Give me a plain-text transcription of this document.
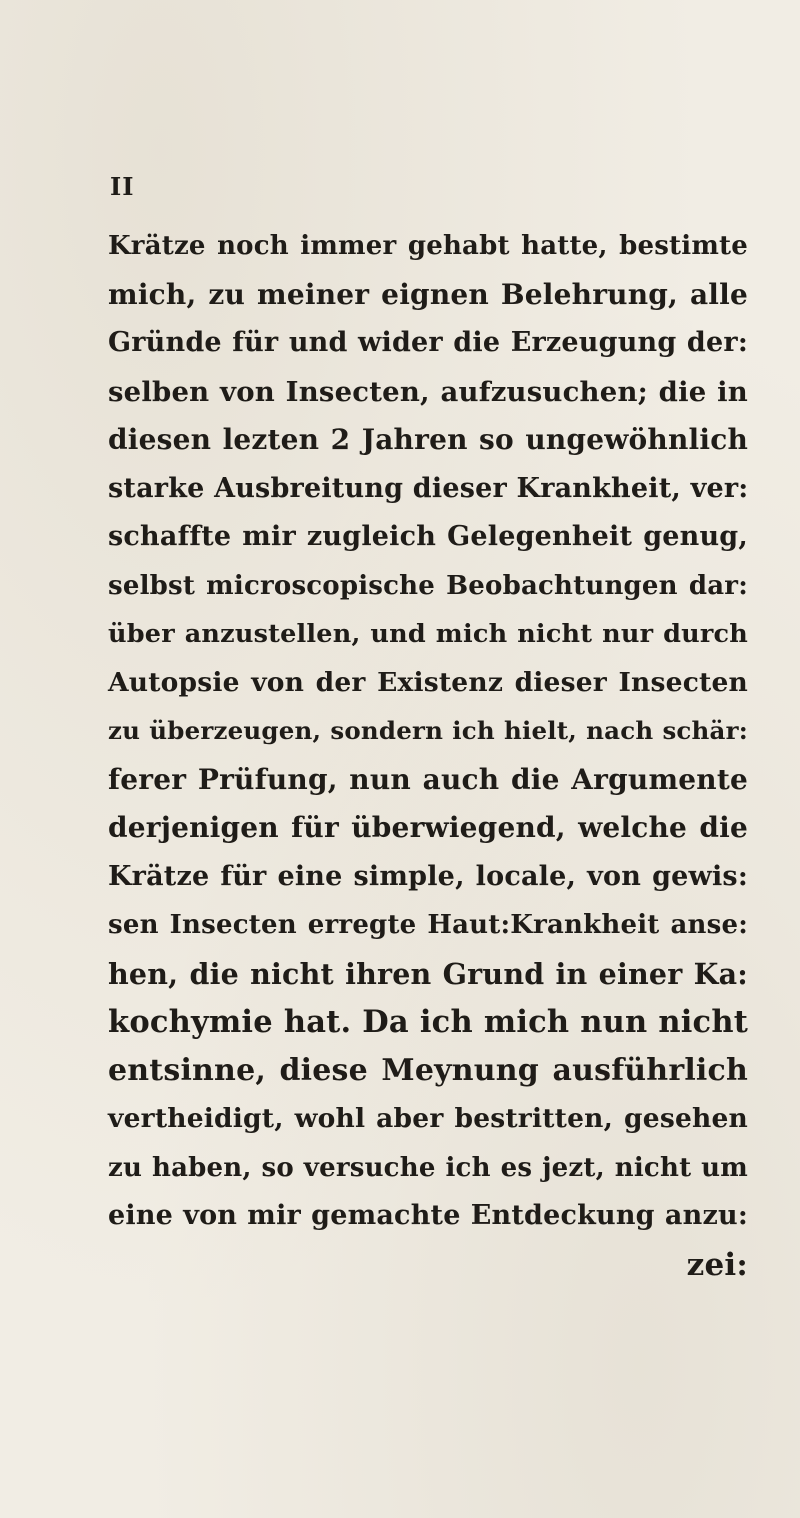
II
Krätze noch immer gehabt hatte, bestimte
mich, zu meiner eignen Belehrung, alle
Gründe für und wider die Erzeugung der:
selben von Insecten, aufzusuchen; die in
diesen lezten 2 Jahren so ungewöhnlich
starke Ausbreitung dieser Krankheit, ver:
schaffte mir zugleich Gelegenheit genug,
selbst microscopische Beobachtungen dar:
über anzustellen, und mich nicht nur durch
Autopsie von der Existenz dieser Insecten
zu überzeugen, sondern ich hielt, nach schär:
ferer Prüfung, nun auch die Argumente
derjenigen für überwiegend, welche die
Krätze für eine simple, locale, von gewis:
sen Insecten erregte Haut:Krankheit anse:
hen, die nicht ihren Grund in einer Ka:
kochymie hat. Da ich mich nun nicht
entsinne, diese Meynung ausführlich
vertheidigt, wohl aber bestritten, gesehen
zu haben, so versuche ich es jezt, nicht um
eine von mir gemachte Entdeckung anzu:
zei:
